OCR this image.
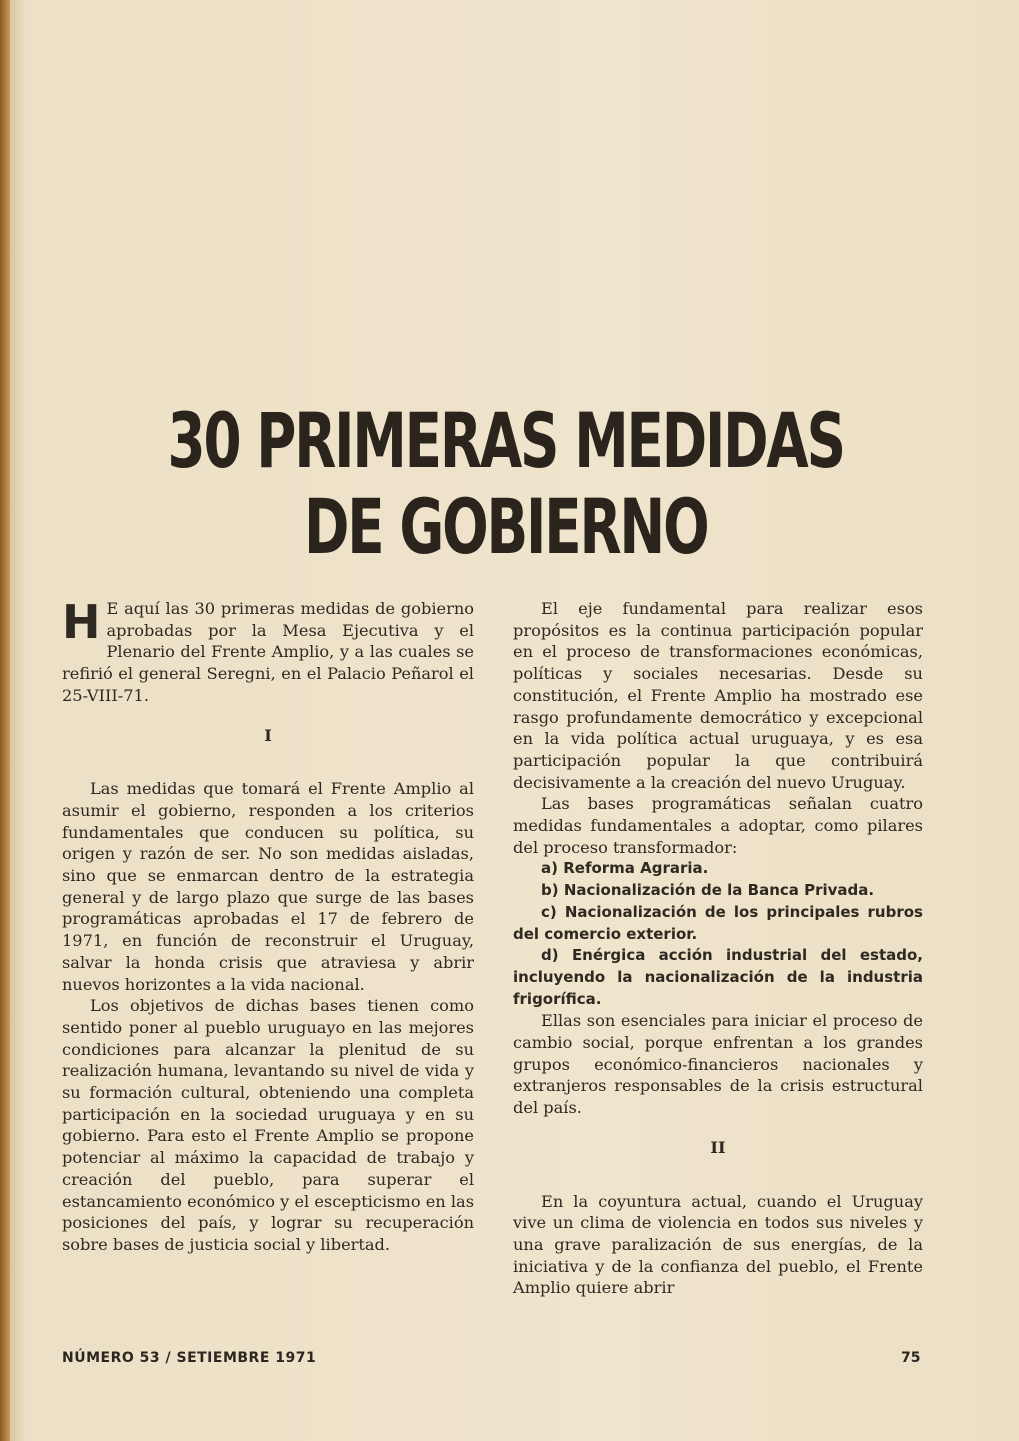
30 PRIMERAS MEDIDAS
DE GOBIERNO

H E aquí las 30 primeras medidas de gobierno aprobadas por la Mesa Ejecutiva y el Plenario del Frente Amplio, y a las cuales se refirió el general Seregni, en el Palacio Peñarol el 25-VIII-71.

I

Las medidas que tomará el Frente Amplio al asumir el gobierno, responden a los criterios fundamentales que conducen su política, su origen y razón de ser. No son medidas aisladas, sino que se enmarcan dentro de la estrategia general y de largo plazo que surge de las bases programáticas aprobadas el 17 de febrero de 1971, en función de reconstruir el Uruguay, salvar la honda crisis que atraviesa y abrir nuevos horizontes a la vida nacional.

Los objetivos de dichas bases tienen como sentido poner al pueblo uruguayo en las mejores condiciones para alcanzar la plenitud de su realización humana, levantando su nivel de vida y su formación cultural, obteniendo una completa participación en la sociedad uruguaya y en su gobierno. Para esto el Frente Amplio se propone potenciar al máximo la capacidad de trabajo y creación del pueblo, para superar el estancamiento económico y el escepticismo en las posiciones del país, y lograr su recuperación sobre bases de justicia social y libertad.

El eje fundamental para realizar esos propósitos es la continua participación popular en el proceso de transformaciones económicas, políticas y sociales necesarias. Desde su constitución, el Frente Amplio ha mostrado ese rasgo profundamente democrático y excepcional en la vida política actual uruguaya, y es esa participación popular la que contribuirá decisivamente a la creación del nuevo Uruguay.

Las bases programáticas señalan cuatro medidas fundamentales a adoptar, como pilares del proceso transformador:

a) Reforma Agraria.

b) Nacionalización de la Banca Privada.

c) Nacionalización de los principales rubros del comercio exterior.

d) Enérgica acción industrial del estado, incluyendo la nacionalización de la industria frigorífica.

Ellas son esenciales para iniciar el proceso de cambio social, porque enfrentan a los grandes grupos económico-financieros nacionales y extranjeros responsables de la crisis estructural del país.

II

En la coyuntura actual, cuando el Uruguay vive un clima de violencia en todos sus niveles y una grave paralización de sus energías, de la iniciativa y de la confianza del pueblo, el Frente Amplio quiere abrir

NÚMERO 53 / SETIEMBRE 1971	75
